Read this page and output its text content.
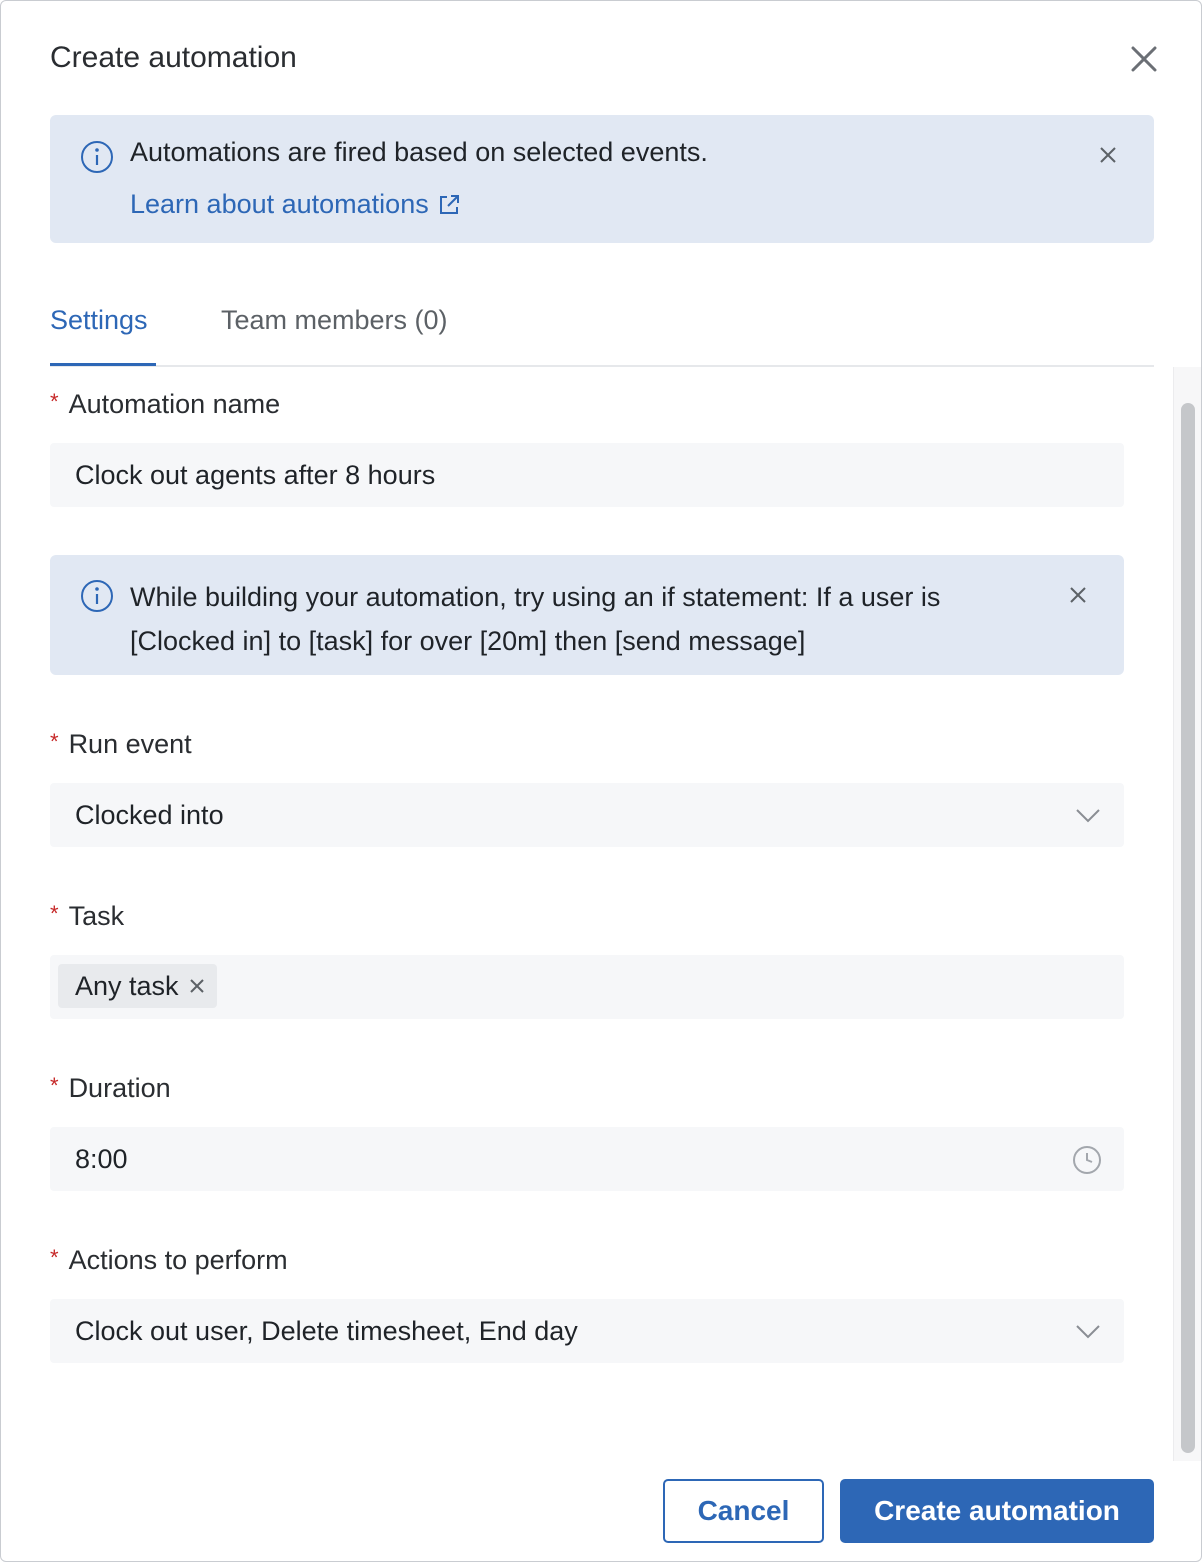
Create automation
Automations are fired based on selected events.
Learn about automations
Settings	Team members (0)
* Automation name
Clock out agents after 8 hours
While building your automation, try using an if statement: If a user is
[Clocked in] to [task] for over [20m] then [send message]
* Run event
Clocked into
* Task
Any task
* Duration
8:00
* Actions to perform
Clock out user, Delete timesheet, End day
Cancel	Create automation
